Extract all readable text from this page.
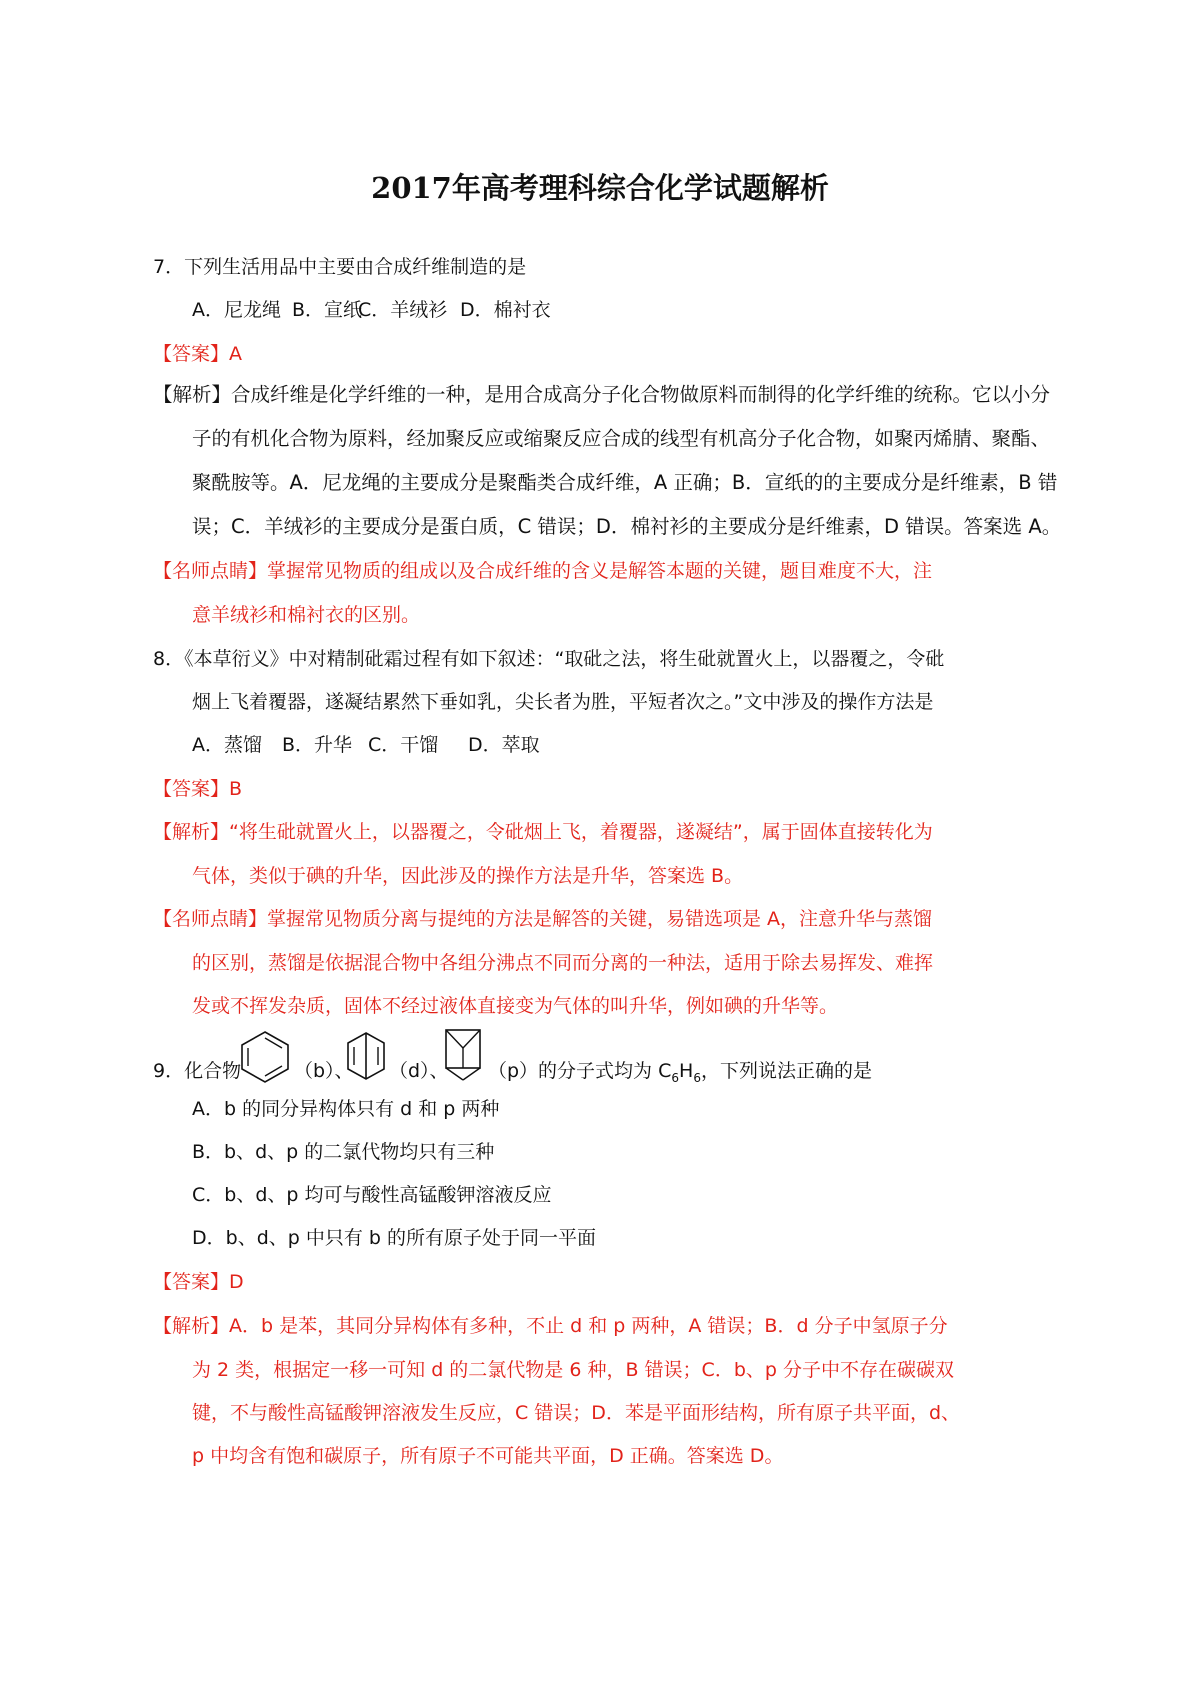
2017年高考理科综合化学试题解析
7．下列生活用品中主要由合成纤维制造的是
A．尼龙绳 B．宣纸C．羊绒衫 D．棉衬衣
【答案】A
【解析】合成纤维是化学纤维的一种，是用合成高分子化合物做原料而制得的化学纤维的统称。它以小分
子的有机化合物为原料，经加聚反应或缩聚反应合成的线型有机高分子化合物，如聚丙烯腈、聚酯、
聚酰胺等。A．尼龙绳的主要成分是聚酯类合成纤维，A 正确；B．宣纸的的主要成分是纤维素，B 错
误；C．羊绒衫的主要成分是蛋白质，C 错误；D．棉衬衫的主要成分是纤维素，D 错误。答案选 A。
【名师点睛】掌握常见物质的组成以及合成纤维的含义是解答本题的关键，题目难度不大，注
意羊绒衫和棉衬衣的区别。
8．《本草衍义》中对精制砒霜过程有如下叙述：“取砒之法，将生砒就置火上，以器覆之，令砒
烟上飞着覆器，遂凝结累然下垂如乳，尖长者为胜，平短者次之。”文中涉及的操作方法是
A．蒸馏 B．升华 C．干馏 D．萃取
【答案】B
【解析】“将生砒就置火上，以器覆之，令砒烟上飞，着覆器，遂凝结”，属于固体直接转化为
气体，类似于碘的升华，因此涉及的操作方法是升华，答案选 B。
【名师点睛】掌握常见物质分离与提纯的方法是解答的关键，易错选项是 A，注意升华与蒸馏
的区别，蒸馏是依据混合物中各组分沸点不同而分离的一种法，适用于除去易挥发、难挥
发或不挥发杂质，固体不经过液体直接变为气体的叫升华，例如碘的升华等。
9．化合物	（b）、 （d）、 （p）的分子式均为 $C_6H_6$，下列说法正确的是
A．b 的同分异构体只有 d 和 p 两种
B．b、d、p 的二氯代物均只有三种
C．b、d、p 均可与酸性高锰酸钾溶液反应
D．b、d、p 中只有 b 的所有原子处于同一平面
【答案】D
【解析】A．b 是苯，其同分异构体有多种，不止 d 和 p 两种，A 错误；B．d 分子中氢原子分
为 2 类，根据定一移一可知 d 的二氯代物是 6 种，B 错误；C．b、p 分子中不存在碳碳双
键，不与酸性高锰酸钾溶液发生反应，C 错误；D．苯是平面形结构，所有原子共平面，d、
p 中均含有饱和碳原子，所有原子不可能共平面，D 正确。答案选 D。
